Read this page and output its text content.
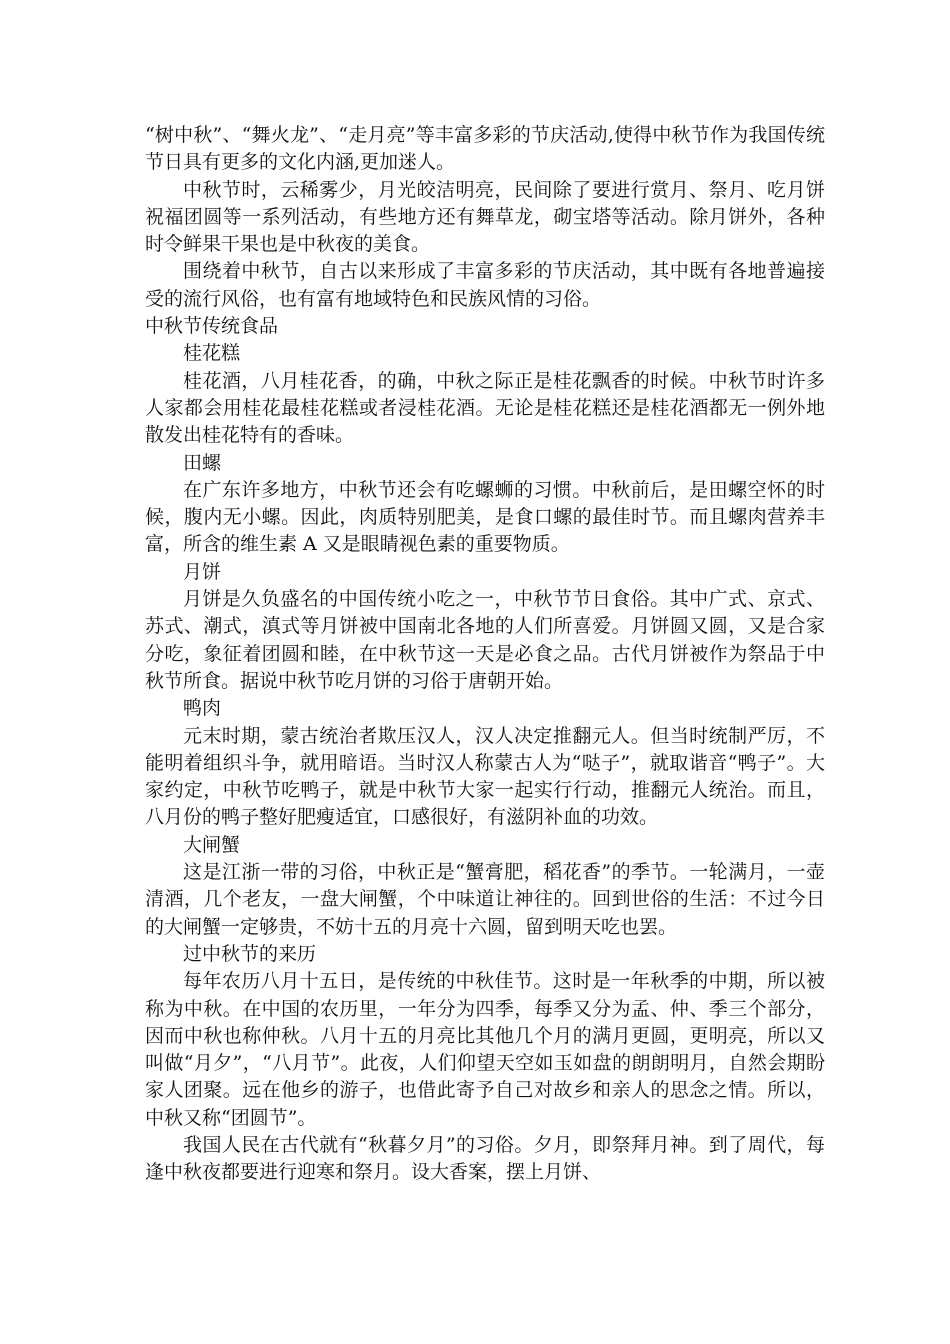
“树中秋”、“舞火龙”、“走月亮”等丰富多彩的节庆活动,使得中秋节作为我国传统节日具有更多的文化内涵,更加迷人。

中秋节时，云稀雾少，月光皎洁明亮，民间除了要进行赏月、祭月、吃月饼祝福团圆等一系列活动，有些地方还有舞草龙，砌宝塔等活动。除月饼外，各种时令鲜果干果也是中秋夜的美食。

围绕着中秋节，自古以来形成了丰富多彩的节庆活动，其中既有各地普遍接受的流行风俗，也有富有地域特色和民族风情的习俗。

中秋节传统食品

桂花糕

桂花酒，八月桂花香，的确，中秋之际正是桂花飘香的时候。中秋节时许多人家都会用桂花最桂花糕或者浸桂花酒。无论是桂花糕还是桂花酒都无一例外地散发出桂花特有的香味。

田螺

在广东许多地方，中秋节还会有吃螺蛳的习惯。中秋前后，是田螺空怀的时候，腹内无小螺。因此，肉质特别肥美，是食口螺的最佳时节。而且螺肉营养丰富，所含的维生素 A 又是眼睛视色素的重要物质。

月饼

月饼是久负盛名的中国传统小吃之一，中秋节节日食俗。其中广式、京式、苏式、潮式，滇式等月饼被中国南北各地的人们所喜爱。月饼圆又圆，又是合家分吃，象征着团圆和睦，在中秋节这一天是必食之品。古代月饼被作为祭品于中秋节所食。据说中秋节吃月饼的习俗于唐朝开始。

鸭肉

元末时期，蒙古统治者欺压汉人，汉人决定推翻元人。但当时统制严厉，不能明着组织斗争，就用暗语。当时汉人称蒙古人为“哒子”，就取谐音“鸭子”。大家约定，中秋节吃鸭子，就是中秋节大家一起实行行动，推翻元人统治。而且，八月份的鸭子整好肥瘦适宜，口感很好，有滋阴补血的功效。

大闸蟹

这是江浙一带的习俗，中秋正是“蟹膏肥，稻花香”的季节。一轮满月，一壶清酒，几个老友，一盘大闸蟹，个中味道让神往的。回到世俗的生活：不过今日的大闸蟹一定够贵，不妨十五的月亮十六圆，留到明天吃也罢。

过中秋节的来历

每年农历八月十五日，是传统的中秋佳节。这时是一年秋季的中期，所以被称为中秋。在中国的农历里，一年分为四季，每季又分为孟、仲、季三个部分，因而中秋也称仲秋。八月十五的月亮比其他几个月的满月更圆，更明亮，所以又叫做“月夕”，“八月节”。此夜，人们仰望天空如玉如盘的朗朗明月，自然会期盼家人团聚。远在他乡的游子，也借此寄予自己对故乡和亲人的思念之情。所以，中秋又称“团圆节”。

我国人民在古代就有“秋暮夕月”的习俗。夕月，即祭拜月神。到了周代，每逢中秋夜都要进行迎寒和祭月。设大香案，摆上月饼、
